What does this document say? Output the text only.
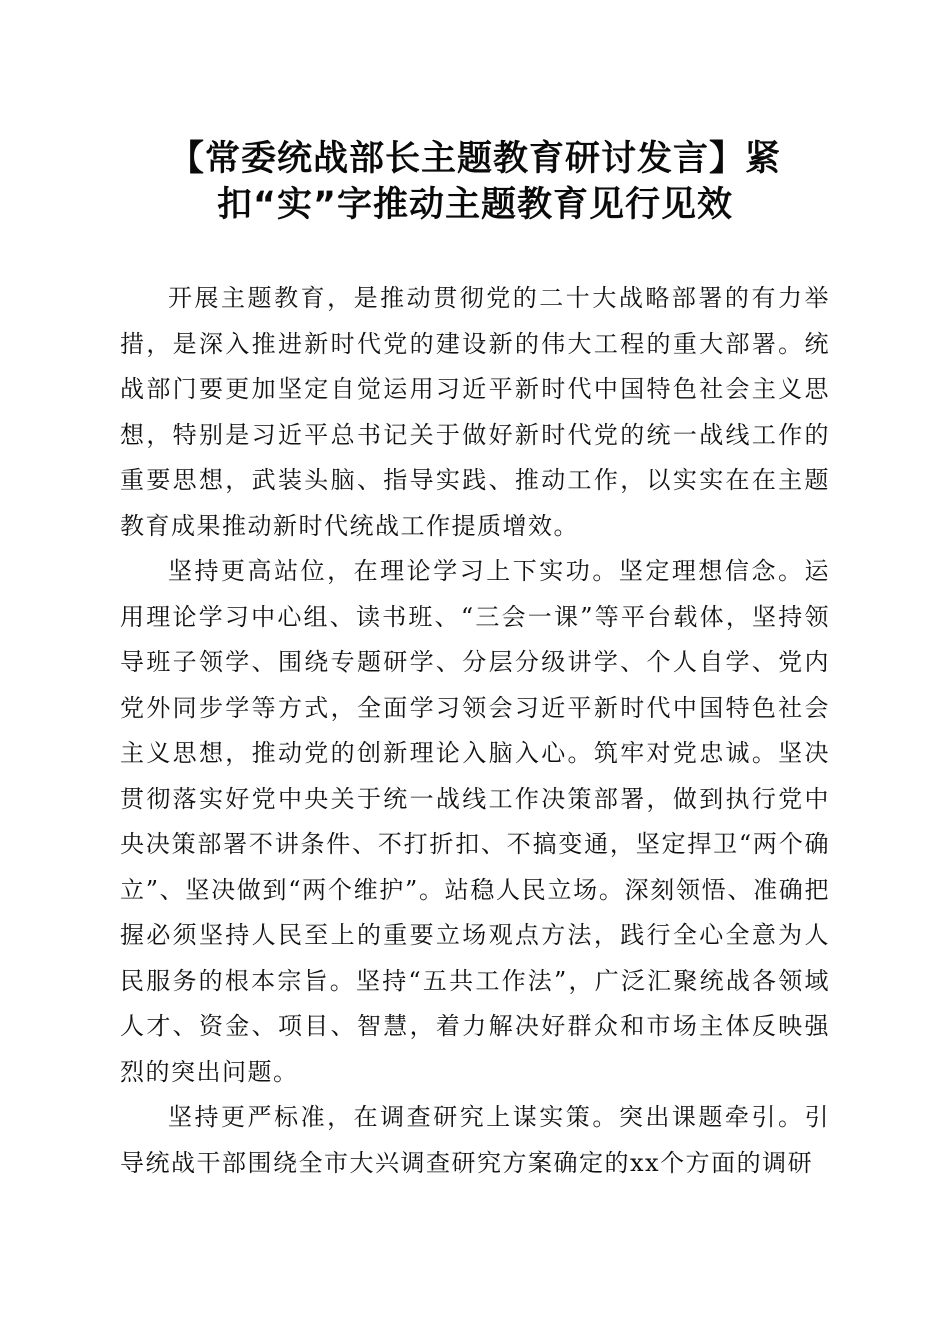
【常委统战部长主题教育研讨发言】紧
扣“实”字推动主题教育见行见效

开展主题教育，是推动贯彻党的二十大战略部署的有力举措，是深入推进新时代党的建设新的伟大工程的重大部署。统战部门要更加坚定自觉运用习近平新时代中国特色社会主义思想，特别是习近平总书记关于做好新时代党的统一战线工作的重要思想，武装头脑、指导实践、推动工作，以实实在在主题教育成果推动新时代统战工作提质增效。

坚持更高站位，在理论学习上下实功。坚定理想信念。运用理论学习中心组、读书班、“三会一课”等平台载体，坚持领导班子领学、围绕专题研学、分层分级讲学、个人自学、党内党外同步学等方式，全面学习领会习近平新时代中国特色社会主义思想，推动党的创新理论入脑入心。筑牢对党忠诚。坚决贯彻落实好党中央关于统一战线工作决策部署，做到执行党中央决策部署不讲条件、不打折扣、不搞变通，坚定捍卫“两个确立”、坚决做到“两个维护”。站稳人民立场。深刻领悟、准确把握必须坚持人民至上的重要立场观点方法，践行全心全意为人民服务的根本宗旨。坚持“五共工作法”，广泛汇聚统战各领域人才、资金、项目、智慧，着力解决好群众和市场主体反映强烈的突出问题。

坚持更严标准，在调查研究上谋实策。突出课题牵引。引导统战干部围绕全市大兴调查研究方案确定的xx个方面的调研
